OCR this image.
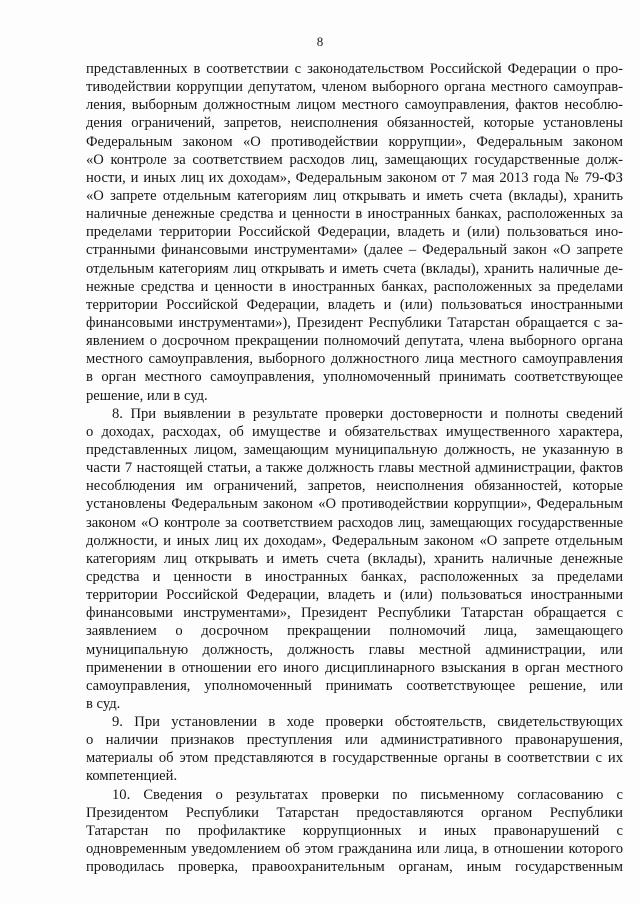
8
представленных в соответствии с законодательством Российской Федерации о про-
тиводействии коррупции депутатом, членом выборного органа местного самоуправ-
ления, выборным должностным лицом местного самоуправления, фактов несоблю-
дения ограничений, запретов, неисполнения обязанностей, которые установлены
Федеральным законом «О противодействии коррупции», Федеральным законом
«О контроле за соответствием расходов лиц, замещающих государственные долж-
ности, и иных лиц их доходам», Федеральным законом от 7 мая 2013 года № 79-ФЗ
«О запрете отдельным категориям лиц открывать и иметь счета (вклады), хранить
наличные денежные средства и ценности в иностранных банках, расположенных за
пределами территории Российской Федерации, владеть и (или) пользоваться ино-
странными финансовыми инструментами» (далее – Федеральный закон «О запрете
отдельным категориям лиц открывать и иметь счета (вклады), хранить наличные де-
нежные средства и ценности в иностранных банках, расположенных за пределами
территории Российской Федерации, владеть и (или) пользоваться иностранными
финансовыми инструментами»), Президент Республики Татарстан обращается с за-
явлением о досрочном прекращении полномочий депутата, члена выборного органа
местного самоуправления, выборного должностного лица местного самоуправления
в орган местного самоуправления, уполномоченный принимать соответствующее
решение, или в суд.
8. При выявлении в результате проверки достоверности и полноты сведений
о доходах, расходах, об имуществе и обязательствах имущественного характера,
представленных лицом, замещающим муниципальную должность, не указанную в
части 7 настоящей статьи, а также должность главы местной администрации, фактов
несоблюдения им ограничений, запретов, неисполнения обязанностей, которые
установлены Федеральным законом «О противодействии коррупции», Федеральным
законом «О контроле за соответствием расходов лиц, замещающих государственные
должности, и иных лиц их доходам», Федеральным законом «О запрете отдельным
категориям лиц открывать и иметь счета (вклады), хранить наличные денежные
средства и ценности в иностранных банках, расположенных за пределами
территории Российской Федерации, владеть и (или) пользоваться иностранными
финансовыми инструментами», Президент Республики Татарстан обращается с
заявлением о досрочном прекращении полномочий лица, замещающего
муниципальную должность, должность главы местной администрации, или
применении в отношении его иного дисциплинарного взыскания в орган местного
самоуправления, уполномоченный принимать соответствующее решение, или
в суд.
9. При установлении в ходе проверки обстоятельств, свидетельствующих
о наличии признаков преступления или административного правонарушения,
материалы об этом представляются в государственные органы в соответствии с их
компетенцией.
10. Сведения о результатах проверки по письменному согласованию с
Президентом Республики Татарстан предоставляются органом Республики
Татарстан по профилактике коррупционных и иных правонарушений с
одновременным уведомлением об этом гражданина или лица, в отношении которого
проводилась проверка, правоохранительным органам, иным государственным
